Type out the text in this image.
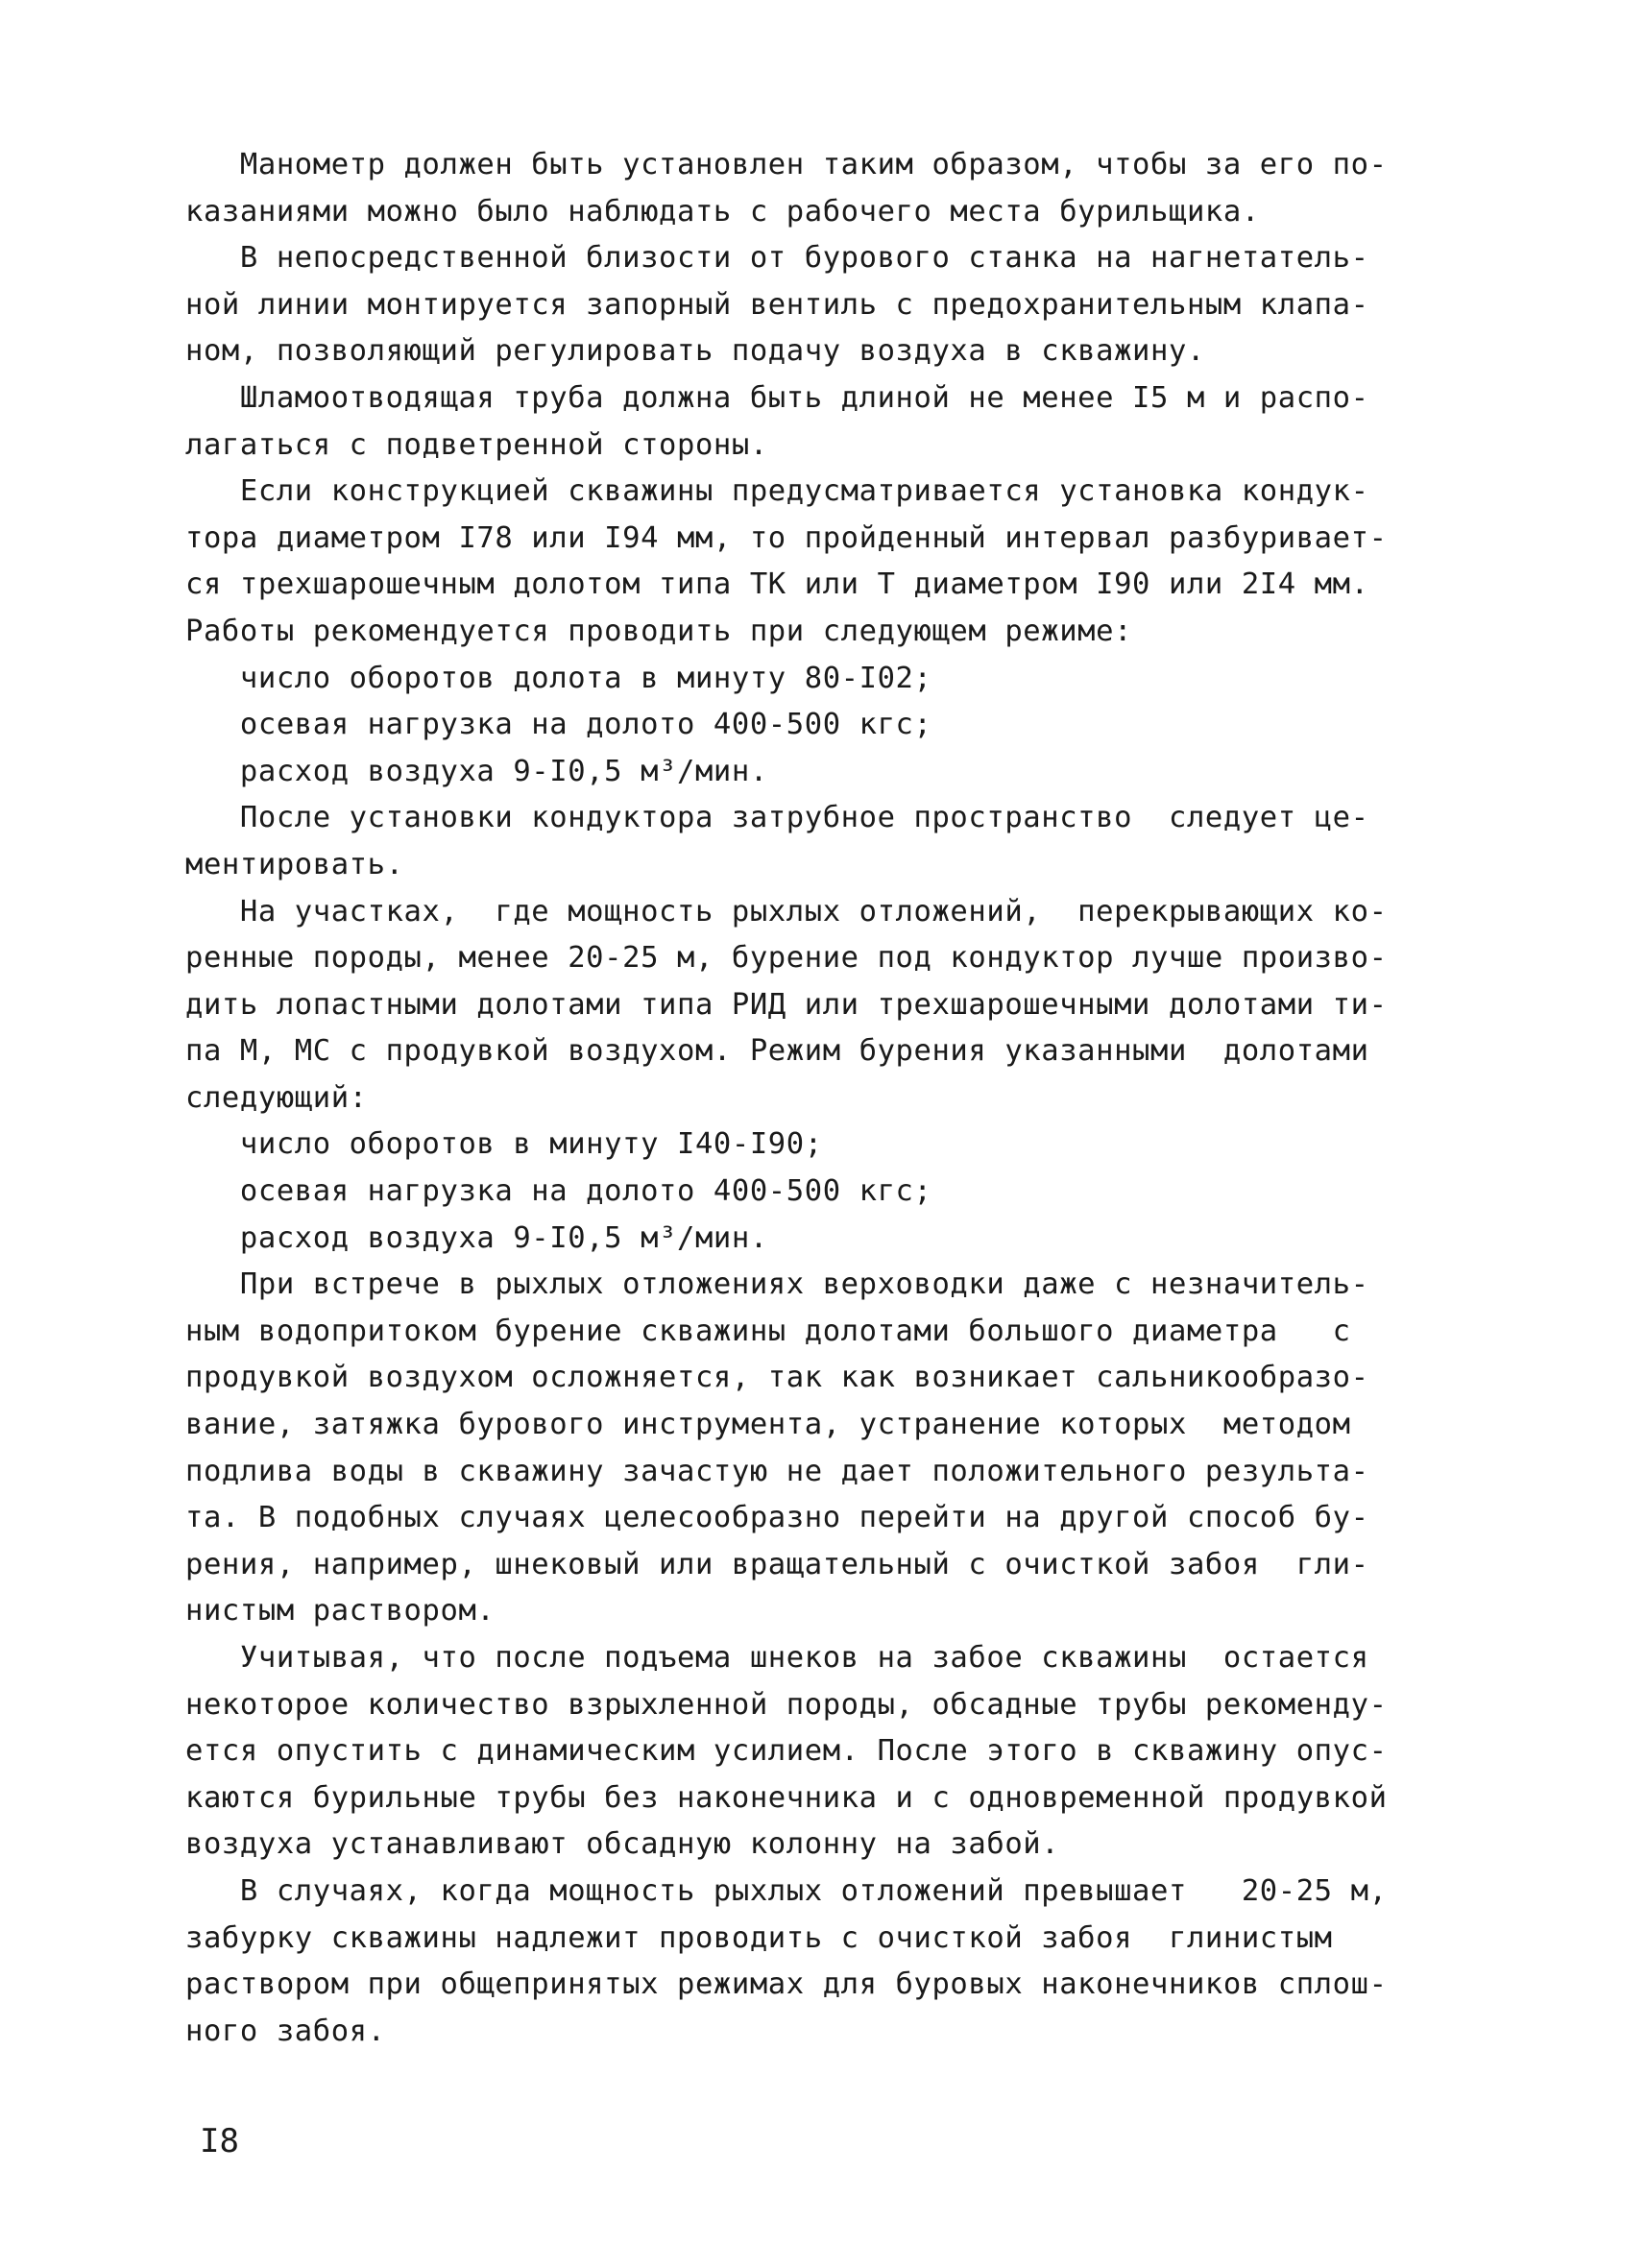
Манометр должен быть установлен таким образом, чтобы за его по-
казаниями можно было наблюдать с рабочего места бурильщика.
В непосредственной близости от бурового станка на нагнетатель-
ной линии монтируется запорный вентиль с предохранительным клапа-
ном, позволяющий регулировать подачу воздуха в скважину.
Шламоотводящая труба должна быть длиной не менее I5 м и распо-
лагаться с подветренной стороны.
Если конструкцией скважины предусматривается установка кондук-
тора диаметром I78 или I94 мм, то пройденный интервал разбуривает-
ся трехшарошечным долотом типа ТК или Т диаметром I90 или 2I4 мм.
Работы рекомендуется проводить при следующем режиме:
число оборотов долота в минуту 80-I02;
осевая нагрузка на долото 400-500 кгс;
расход воздуха 9-I0,5 м³/мин.
После установки кондуктора затрубное пространство  следует це-
ментировать.
На участках,  где мощность рыхлых отложений,  перекрывающих ко-
ренные породы, менее 20-25 м, бурение под кондуктор лучше произво-
дить лопастными долотами типа РИД или трехшарошечными долотами ти-
па М, МС с продувкой воздухом. Режим бурения указанными  долотами
следующий:
число оборотов в минуту I40-I90;
осевая нагрузка на долото 400-500 кгс;
расход воздуха 9-I0,5 м³/мин.
При встрече в рыхлых отложениях верховодки даже с незначитель-
ным водопритоком бурение скважины долотами большого диаметра   с
продувкой воздухом осложняется, так как возникает сальникообразо-
вание, затяжка бурового инструмента, устранение которых  методом
подлива воды в скважину зачастую не дает положительного результа-
та. В подобных случаях целесообразно перейти на другой способ бу-
рения, например, шнековый или вращательный с очисткой забоя  гли-
нистым раствором.
Учитывая, что после подъема шнеков на забое скважины  остается
некоторое количество взрыхленной породы, обсадные трубы рекоменду-
ется опустить с динамическим усилием. После этого в скважину опус-
каются бурильные трубы без наконечника и с одновременной продувкой
воздуха устанавливают обсадную колонну на забой.
В случаях, когда мощность рыхлых отложений превышает   20-25 м,
забурку скважины надлежит проводить с очисткой забоя  глинистым
раствором при общепринятых режимах для буровых наконечников сплош-
ного забоя.
I8
